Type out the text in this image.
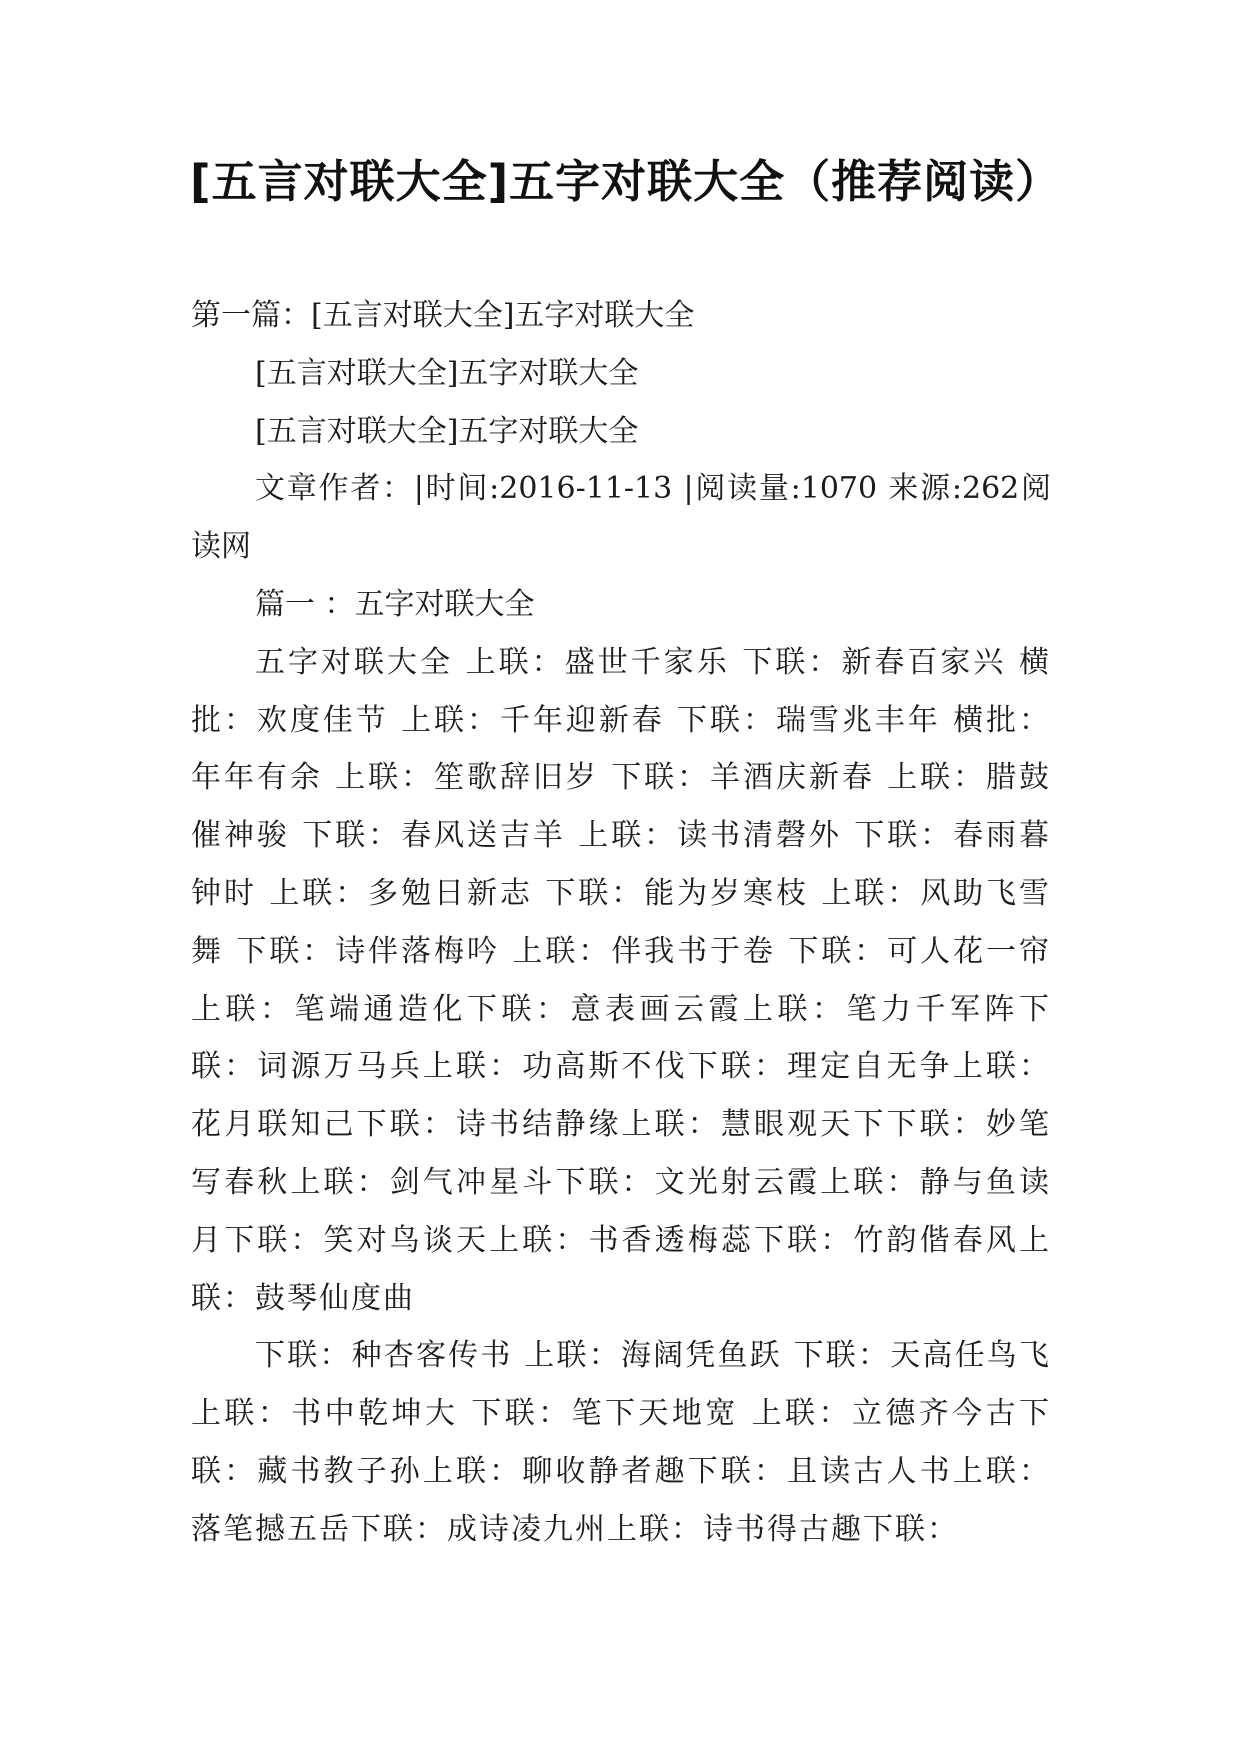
[五言对联大全]五字对联大全（推荐阅读）

第一篇：[五言对联大全]五字对联大全

[五言对联大全]五字对联大全

[五言对联大全]五字对联大全

文章作者：|时间:2016-11-13 |阅读量:1070 来源:262阅读网

篇一 ：五字对联大全

五字对联大全 上联：盛世千家乐 下联：新春百家兴 横批：欢度佳节 上联：千年迎新春 下联：瑞雪兆丰年 横批：年年有余 上联：笙歌辞旧岁 下联：羊酒庆新春 上联：腊鼓催神骏 下联：春风送吉羊 上联：读书清磬外 下联：春雨暮钟时 上联：多勉日新志 下联：能为岁寒枝 上联：风助飞雪舞 下联：诗伴落梅吟 上联：伴我书于卷 下联：可人花一帘 上联：笔端通造化下联：意表画云霞上联：笔力千军阵下联：词源万马兵上联：功高斯不伐下联：理定自无争上联：花月联知己下联：诗书结静缘上联：慧眼观天下下联：妙笔写春秋上联：剑气冲星斗下联：文光射云霞上联：静与鱼读月下联：笑对鸟谈天上联：书香透梅蕊下联：竹韵偕春风上联：鼓琴仙度曲

下联：种杏客传书 上联：海阔凭鱼跃 下联：天高任鸟飞 上联：书中乾坤大 下联：笔下天地宽 上联：立德齐今古下联：藏书教子孙上联：聊收静者趣下联：且读古人书上联：落笔撼五岳下联：成诗凌九州上联：诗书得古趣下联：
